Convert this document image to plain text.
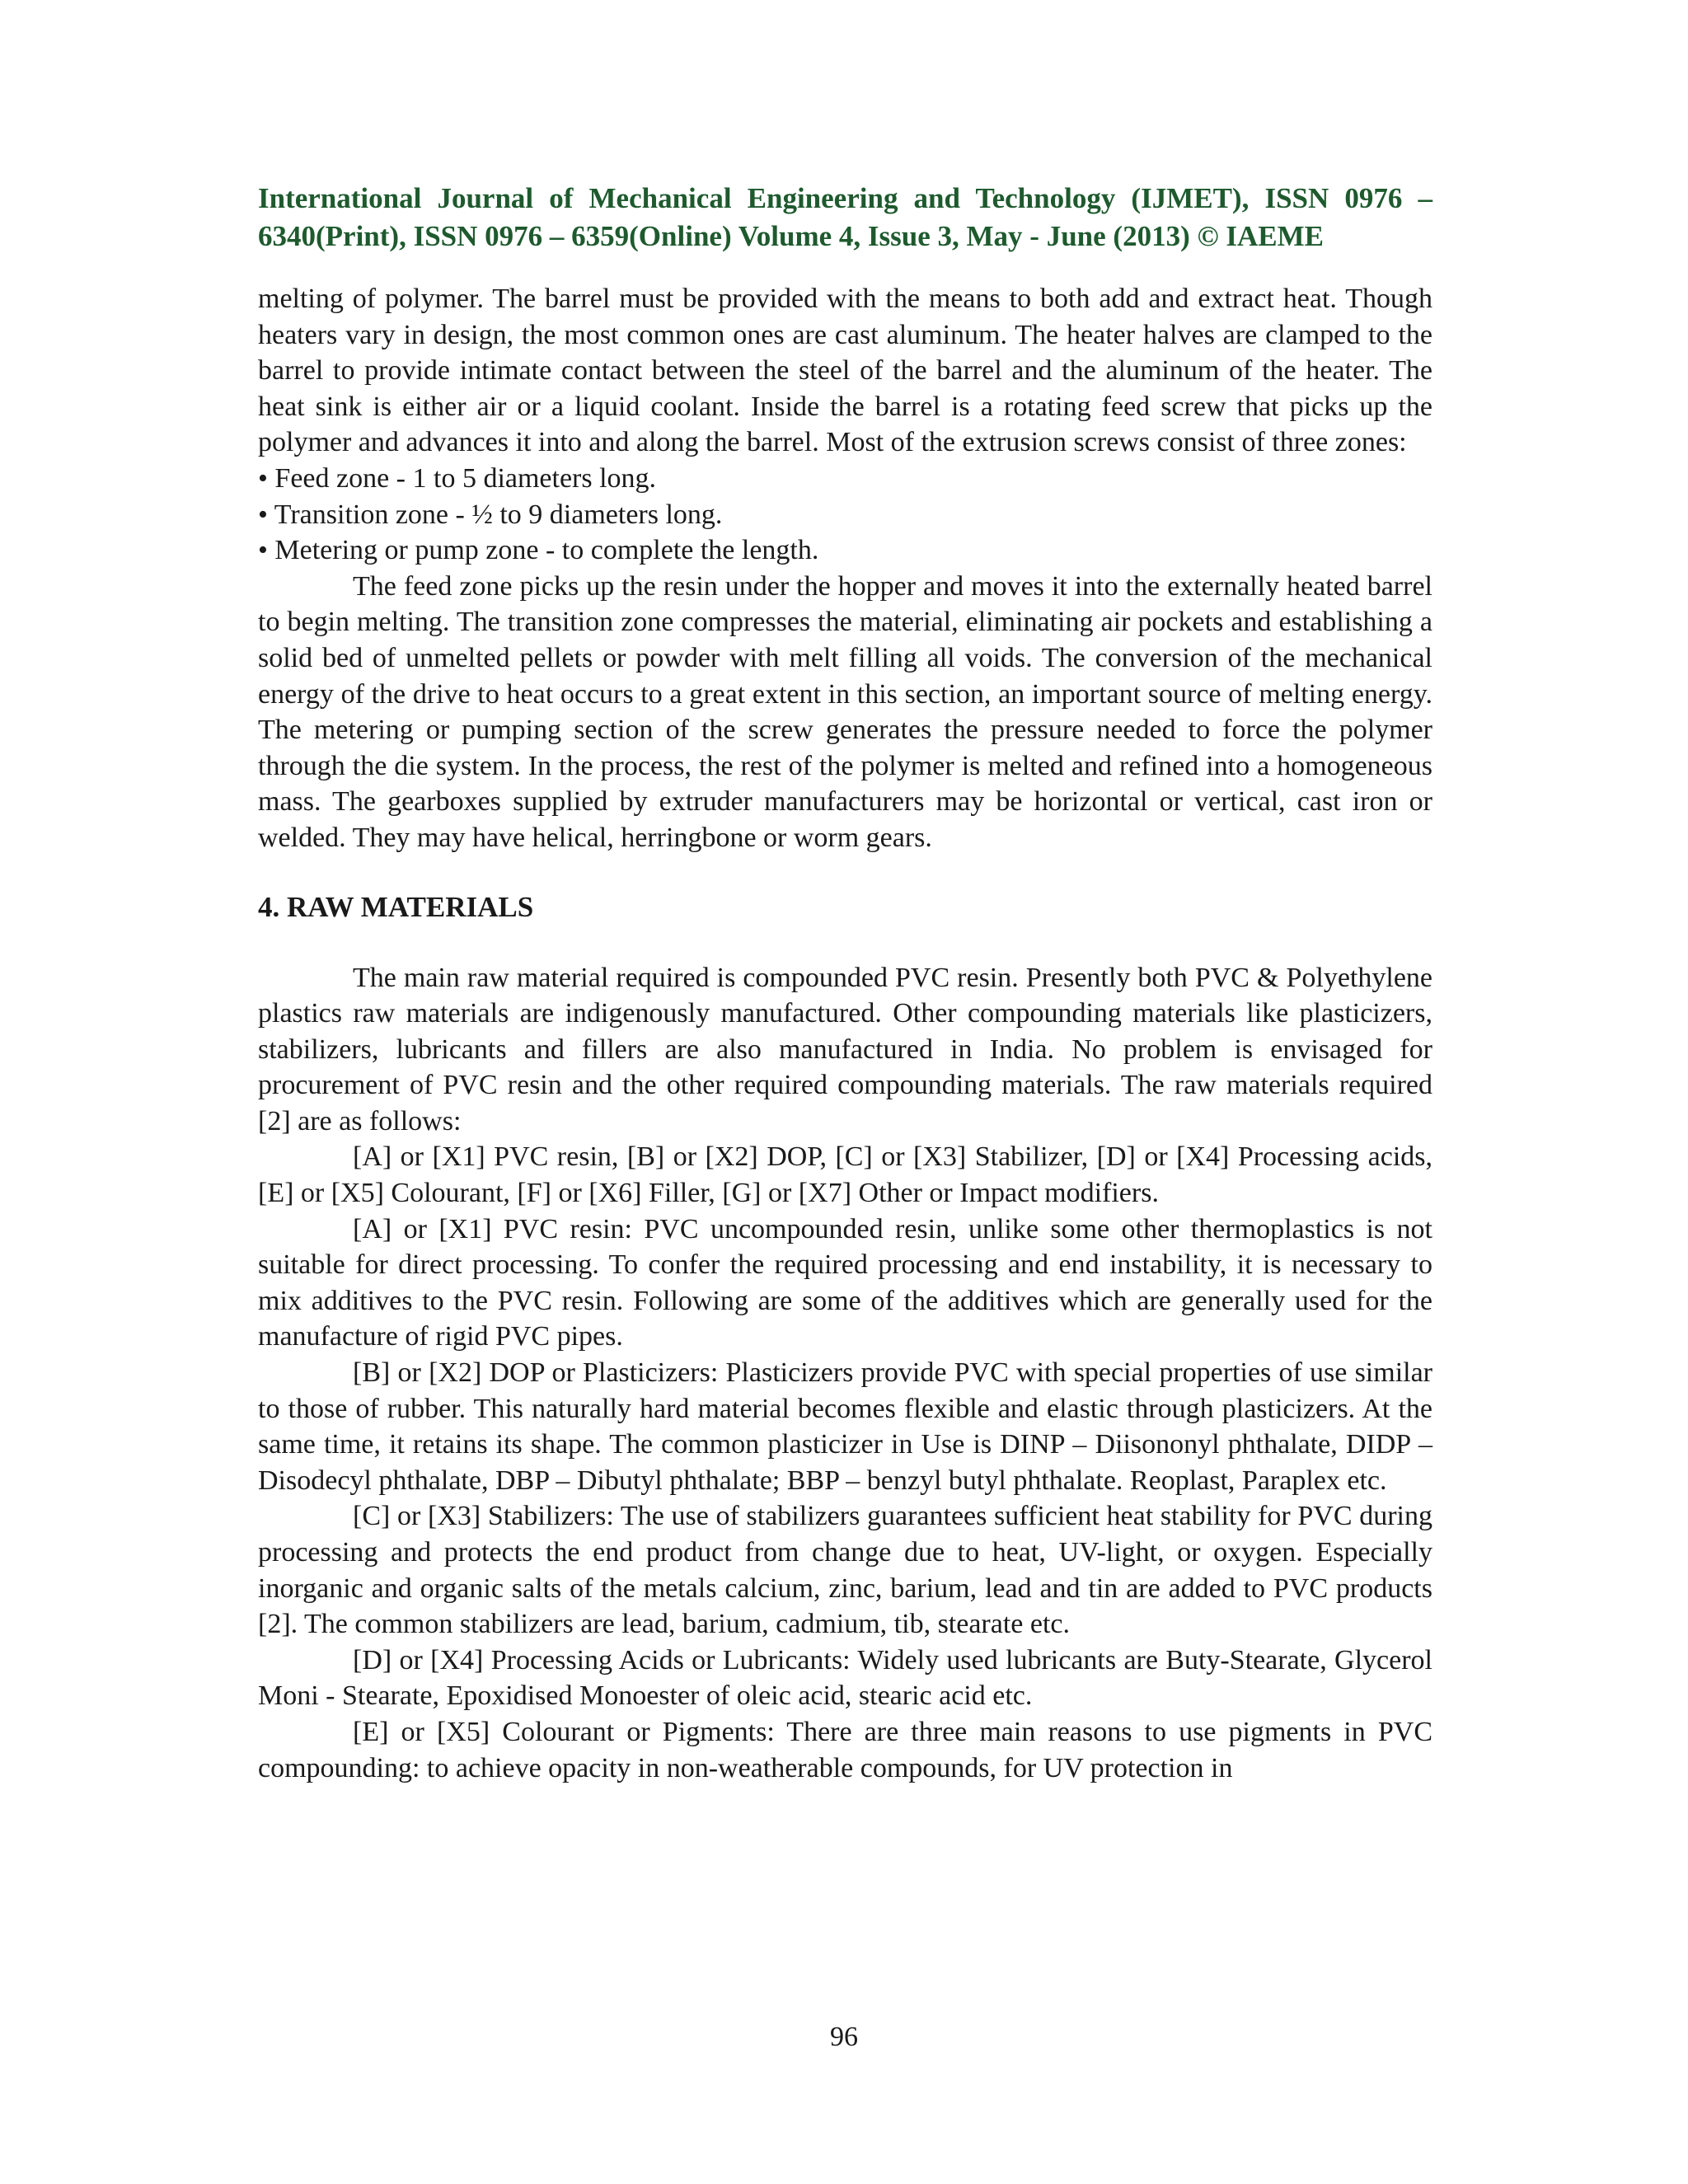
International Journal of Mechanical Engineering and Technology (IJMET), ISSN 0976 –
6340(Print), ISSN 0976 – 6359(Online) Volume 4, Issue 3, May - June (2013) © IAEME

melting of polymer. The barrel must be provided with the means to both add and extract heat. Though heaters vary in design, the most common ones are cast aluminum. The heater halves are clamped to the barrel to provide intimate contact between the steel of the barrel and the aluminum of the heater. The heat sink is either air or a liquid coolant. Inside the barrel is a rotating feed screw that picks up the polymer and advances it into and along the barrel. Most of the extrusion screws consist of three zones:

• Feed zone - 1 to 5 diameters long.
• Transition zone - ½ to 9 diameters long.
• Metering or pump zone - to complete the length.

The feed zone picks up the resin under the hopper and moves it into the externally heated barrel to begin melting. The transition zone compresses the material, eliminating air pockets and establishing a solid bed of unmelted pellets or powder with melt filling all voids. The conversion of the mechanical energy of the drive to heat occurs to a great extent in this section, an important source of melting energy. The metering or pumping section of the screw generates the pressure needed to force the polymer through the die system. In the process, the rest of the polymer is melted and refined into a homogeneous mass. The gearboxes supplied by extruder manufacturers may be horizontal or vertical, cast iron or welded. They may have helical, herringbone or worm gears.

4. RAW MATERIALS

The main raw material required is compounded PVC resin. Presently both PVC & Polyethylene plastics raw materials are indigenously manufactured. Other compounding materials like plasticizers, stabilizers, lubricants and fillers are also manufactured in India. No problem is envisaged for procurement of PVC resin and the other required compounding materials. The raw materials required [2] are as follows:

[A] or [X1] PVC resin, [B] or [X2] DOP, [C] or [X3] Stabilizer, [D] or [X4] Processing acids, [E] or [X5] Colourant, [F] or [X6] Filler, [G] or [X7] Other or Impact modifiers.

[A] or [X1] PVC resin: PVC uncompounded resin, unlike some other thermoplastics is not suitable for direct processing. To confer the required processing and end instability, it is necessary to mix additives to the PVC resin. Following are some of the additives which are generally used for the manufacture of rigid PVC pipes.

[B] or [X2] DOP or Plasticizers: Plasticizers provide PVC with special properties of use similar to those of rubber. This naturally hard material becomes flexible and elastic through plasticizers. At the same time, it retains its shape. The common plasticizer in Use is DINP – Diisononyl phthalate, DIDP – Disodecyl phthalate, DBP – Dibutyl phthalate; BBP – benzyl butyl phthalate. Reoplast, Paraplex etc.

[C] or [X3] Stabilizers: The use of stabilizers guarantees sufficient heat stability for PVC during processing and protects the end product from change due to heat, UV-light, or oxygen. Especially inorganic and organic salts of the metals calcium, zinc, barium, lead and tin are added to PVC products [2]. The common stabilizers are lead, barium, cadmium, tib, stearate etc.

[D] or [X4] Processing Acids or Lubricants: Widely used lubricants are Buty-Stearate, Glycerol Moni - Stearate, Epoxidised Monoester of oleic acid, stearic acid etc.

[E] or [X5] Colourant or Pigments: There are three main reasons to use pigments in PVC compounding: to achieve opacity in non-weatherable compounds, for UV protection in

96
